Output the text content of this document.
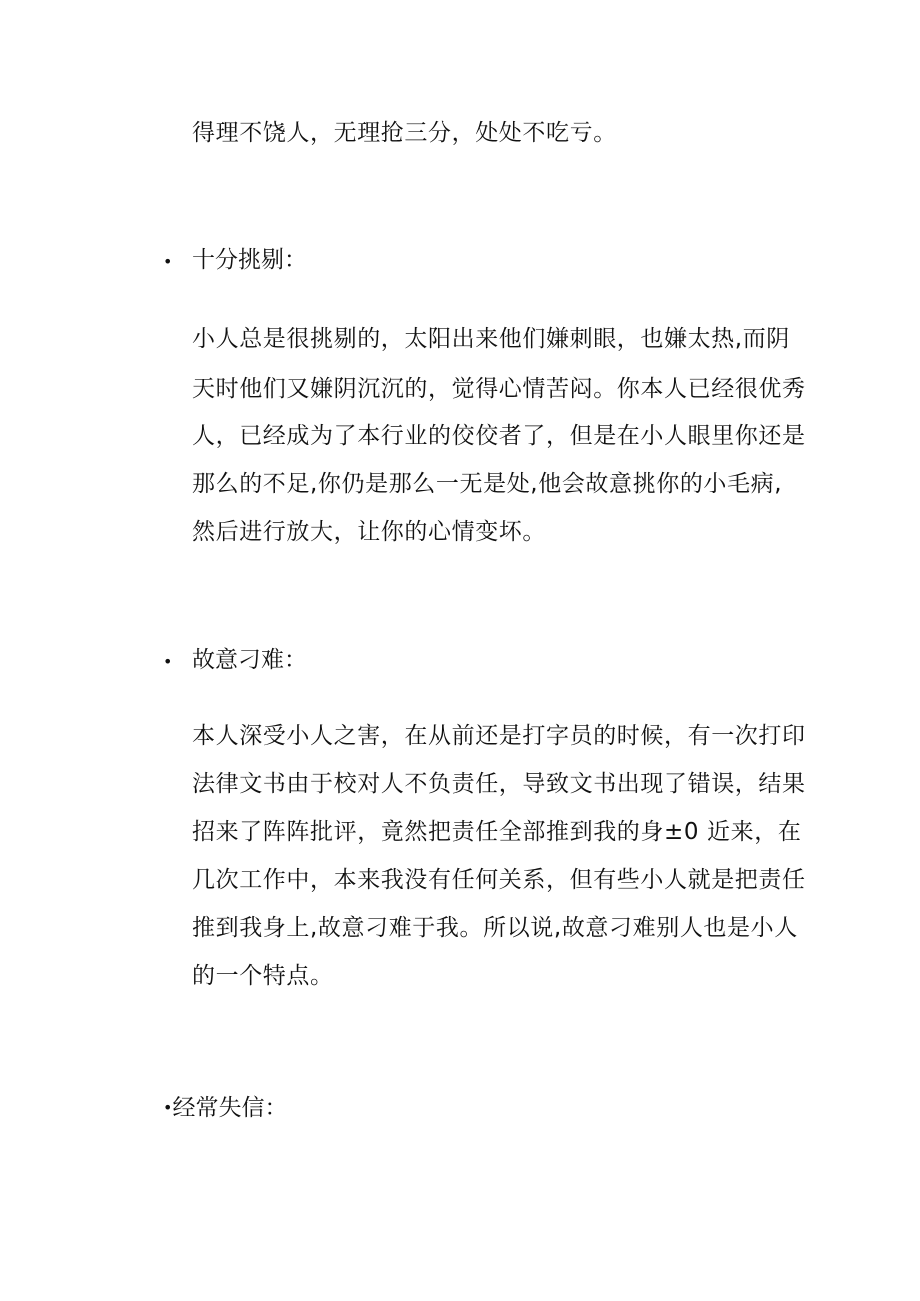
得理不饶人，无理抢三分，处处不吃亏。
• 十分挑剔：
小人总是很挑剔的，太阳出来他们嫌刺眼，也嫌太热,而阴
天时他们又嫌阴沉沉的，觉得心情苦闷。你本人已经很优秀
人，已经成为了本行业的佼佼者了，但是在小人眼里你还是
那么的不足,你仍是那么一无是处,他会故意挑你的小毛病,
然后进行放大，让你的心情变坏。
• 故意刁难：
本人深受小人之害，在从前还是打字员的时候，有一次打印
法律文书由于校对人不负责任，导致文书出现了错误，结果
招来了阵阵批评，竟然把责任全部推到我的身±0 近来，在
几次工作中，本来我没有任何关系，但有些小人就是把责任
推到我身上,故意刁难于我。所以说,故意刁难别人也是小人
的一个特点。
•经常失信：
